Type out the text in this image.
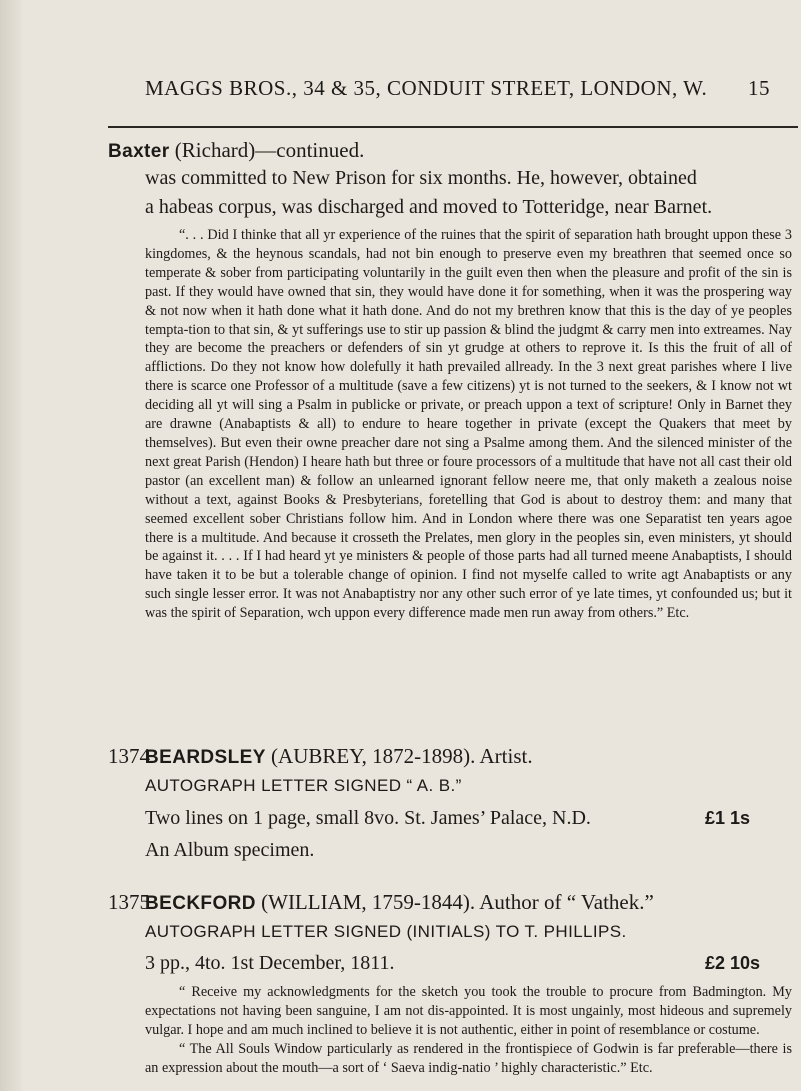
MAGGS BROS., 34 & 35, CONDUIT STREET, LONDON, W. 15
Baxter (Richard)—continued.
was committed to New Prison for six months. He, however, obtained
a habeas corpus, was discharged and moved to Totteridge, near Barnet.
“. . . Did I thinke that all yr experience of the ruines that the spirit of separation hath brought uppon these 3 kingdomes, & the heynous scandals, had not bin enough to preserve even my breathren that seemed once so temperate & sober from participating voluntarily in the guilt even then when the pleasure and profit of the sin is past. If they would have owned that sin, they would have done it for something, when it was the prospering way & not now when it hath done what it hath done. And do not my brethren know that this is the day of ye peoples tempta-tion to that sin, & yt sufferings use to stir up passion & blind the judgmt & carry men into extreames. Nay they are become the preachers or defenders of sin yt grudge at others to reprove it. Is this the fruit of all of afflictions. Do they not know how dolefully it hath prevailed allready. In the 3 next great parishes where I live there is scarce one Professor of a multitude (save a few citizens) yt is not turned to the seekers, & I know not wt deciding all yt will sing a Psalm in publicke or private, or preach uppon a text of scripture! Only in Barnet they are drawne (Anabaptists & all) to endure to heare together in private (except the Quakers that meet by themselves). But even their owne preacher dare not sing a Psalme among them. And the silenced minister of the next great Parish (Hendon) I heare hath but three or foure processors of a multitude that have not all cast their old pastor (an excellent man) & follow an unlearned ignorant fellow neere me, that only maketh a zealous noise without a text, against Books & Presbyterians, foretelling that God is about to destroy them: and many that seemed excellent sober Christians follow him. And in London where there was one Separatist ten years agoe there is a multitude. And because it crosseth the Prelates, men glory in the peoples sin, even ministers, yt should be against it. . . . If I had heard yt ye ministers & people of those parts had all turned meene Anabaptists, I should have taken it to be but a tolerable change of opinion. I find not myselfe called to write agt Anabaptists or any such single lesser error. It was not Anabaptistry nor any other such error of ye late times, yt confounded us; but it was the spirit of Separation, wch uppon every difference made men run away from others.” Etc.
1374
BEARDSLEY (AUBREY, 1872-1898). Artist.
AUTOGRAPH LETTER SIGNED “ A. B.”
Two lines on 1 page, small 8vo. St. James’ Palace, N.D.	£1 1s
An Album specimen.
1375
BECKFORD (WILLIAM, 1759-1844). Author of “ Vathek.”
AUTOGRAPH LETTER SIGNED (INITIALS) TO T. PHILLIPS.
3 pp., 4to. 1st December, 1811.	£2 10s
“ Receive my acknowledgments for the sketch you took the trouble to procure from Badmington. My expectations not having been sanguine, I am not dis-appointed. It is most ungainly, most hideous and supremely vulgar. I hope and am much inclined to believe it is not authentic, either in point of resemblance or costume.
“ The All Souls Window particularly as rendered in the frontispiece of Godwin is far preferable—there is an expression about the mouth—a sort of ‘ Saeva indig-natio ’ highly characteristic.” Etc.
